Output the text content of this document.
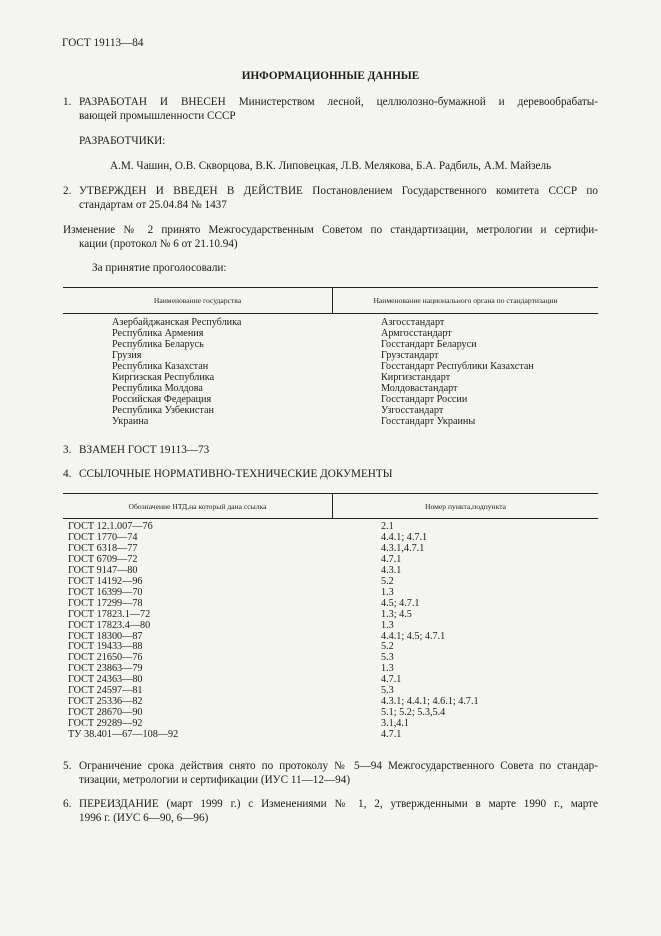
ГОСТ 19113—84
ИНФОРМАЦИОННЫЕ ДАННЫЕ
1. РАЗРАБОТАН И ВНЕСЕН Министерством лесной, целлюлозно-бумажной и деревообрабаты-
вающей промышленности СССР
РАЗРАБОТЧИКИ:
А.М. Чашин, О.В. Скворцова, В.К. Липовецкая, Л.В. Мелякова, Б.А. Радбиль, А.М. Майзель
2. УТВЕРЖДЕН И ВВЕДЕН В ДЕЙСТВИЕ Постановлением Государственного комитета СССР по
стандартам от 25.04.84 № 1437
Изменение № 2 принято Межгосударственным Советом по стандартизации, метрологии и сертифи-
кации (протокол № 6 от 21.10.94)
За принятие проголосовали:
Наименование государства	Наименование национального органа по стандартизации
Азербайджанская Республика
Республика Армения
Республика Беларусь
Грузия
Республика Казахстан
Киргизская Республика
Республика Молдова
Российская Федерация
Республика Узбекистан
Украина
Азгосстандарт
Армгосстандарт
Госстандарт Беларуси
Грузстандарт
Госстандарт Республики Казахстан
Киргизстандарт
Молдовастандарт
Госстандарт России
Узгосстандарт
Госстандарт Украины
3. ВЗАМЕН ГОСТ 19113—73
4. ССЫЛОЧНЫЕ НОРМАТИВНО-ТЕХНИЧЕСКИЕ ДОКУМЕНТЫ
Обозначение НТД,на который дана ссылка	Номер пункта,подпункта
ГОСТ 12.1.007—76
ГОСТ 1770—74
ГОСТ 6318—77
ГОСТ 6709—72
ГОСТ 9147—80
ГОСТ 14192—96
ГОСТ 16399—70
ГОСТ 17299—78
ГОСТ 17823.1—72
ГОСТ 17823.4—80
ГОСТ 18300—87
ГОСТ 19433—88
ГОСТ 21650—76
ГОСТ 23863—79
ГОСТ 24363—80
ГОСТ 24597—81
ГОСТ 25336—82
ГОСТ 28670—90
ГОСТ 29289—92
ТУ 38.401—67—108—92
2.1
4.4.1; 4.7.1
4.3.1,4.7.1
4.7.1
4.3.1
5.2
1.3
4.5; 4.7.1
1.3; 4.5
1.3
4.4.1; 4.5; 4.7.1
5.2
5.3
1.3
4.7.1
5.3
4.3.1; 4.4.1; 4.6.1; 4.7.1
5.1; 5.2; 5.3,5.4
3.1,4.1
4.7.1
5. Ограничение срока действия снято по протоколу № 5—94 Межгосударственного Совета по стандар-
тизации, метрологии и сертификации (ИУС 11—12—94)
6. ПЕРЕИЗДАНИЕ (март 1999 г.) с Изменениями № 1, 2, утвержденными в марте 1990 г., марте
1996 г. (ИУС 6—90, 6—96)
